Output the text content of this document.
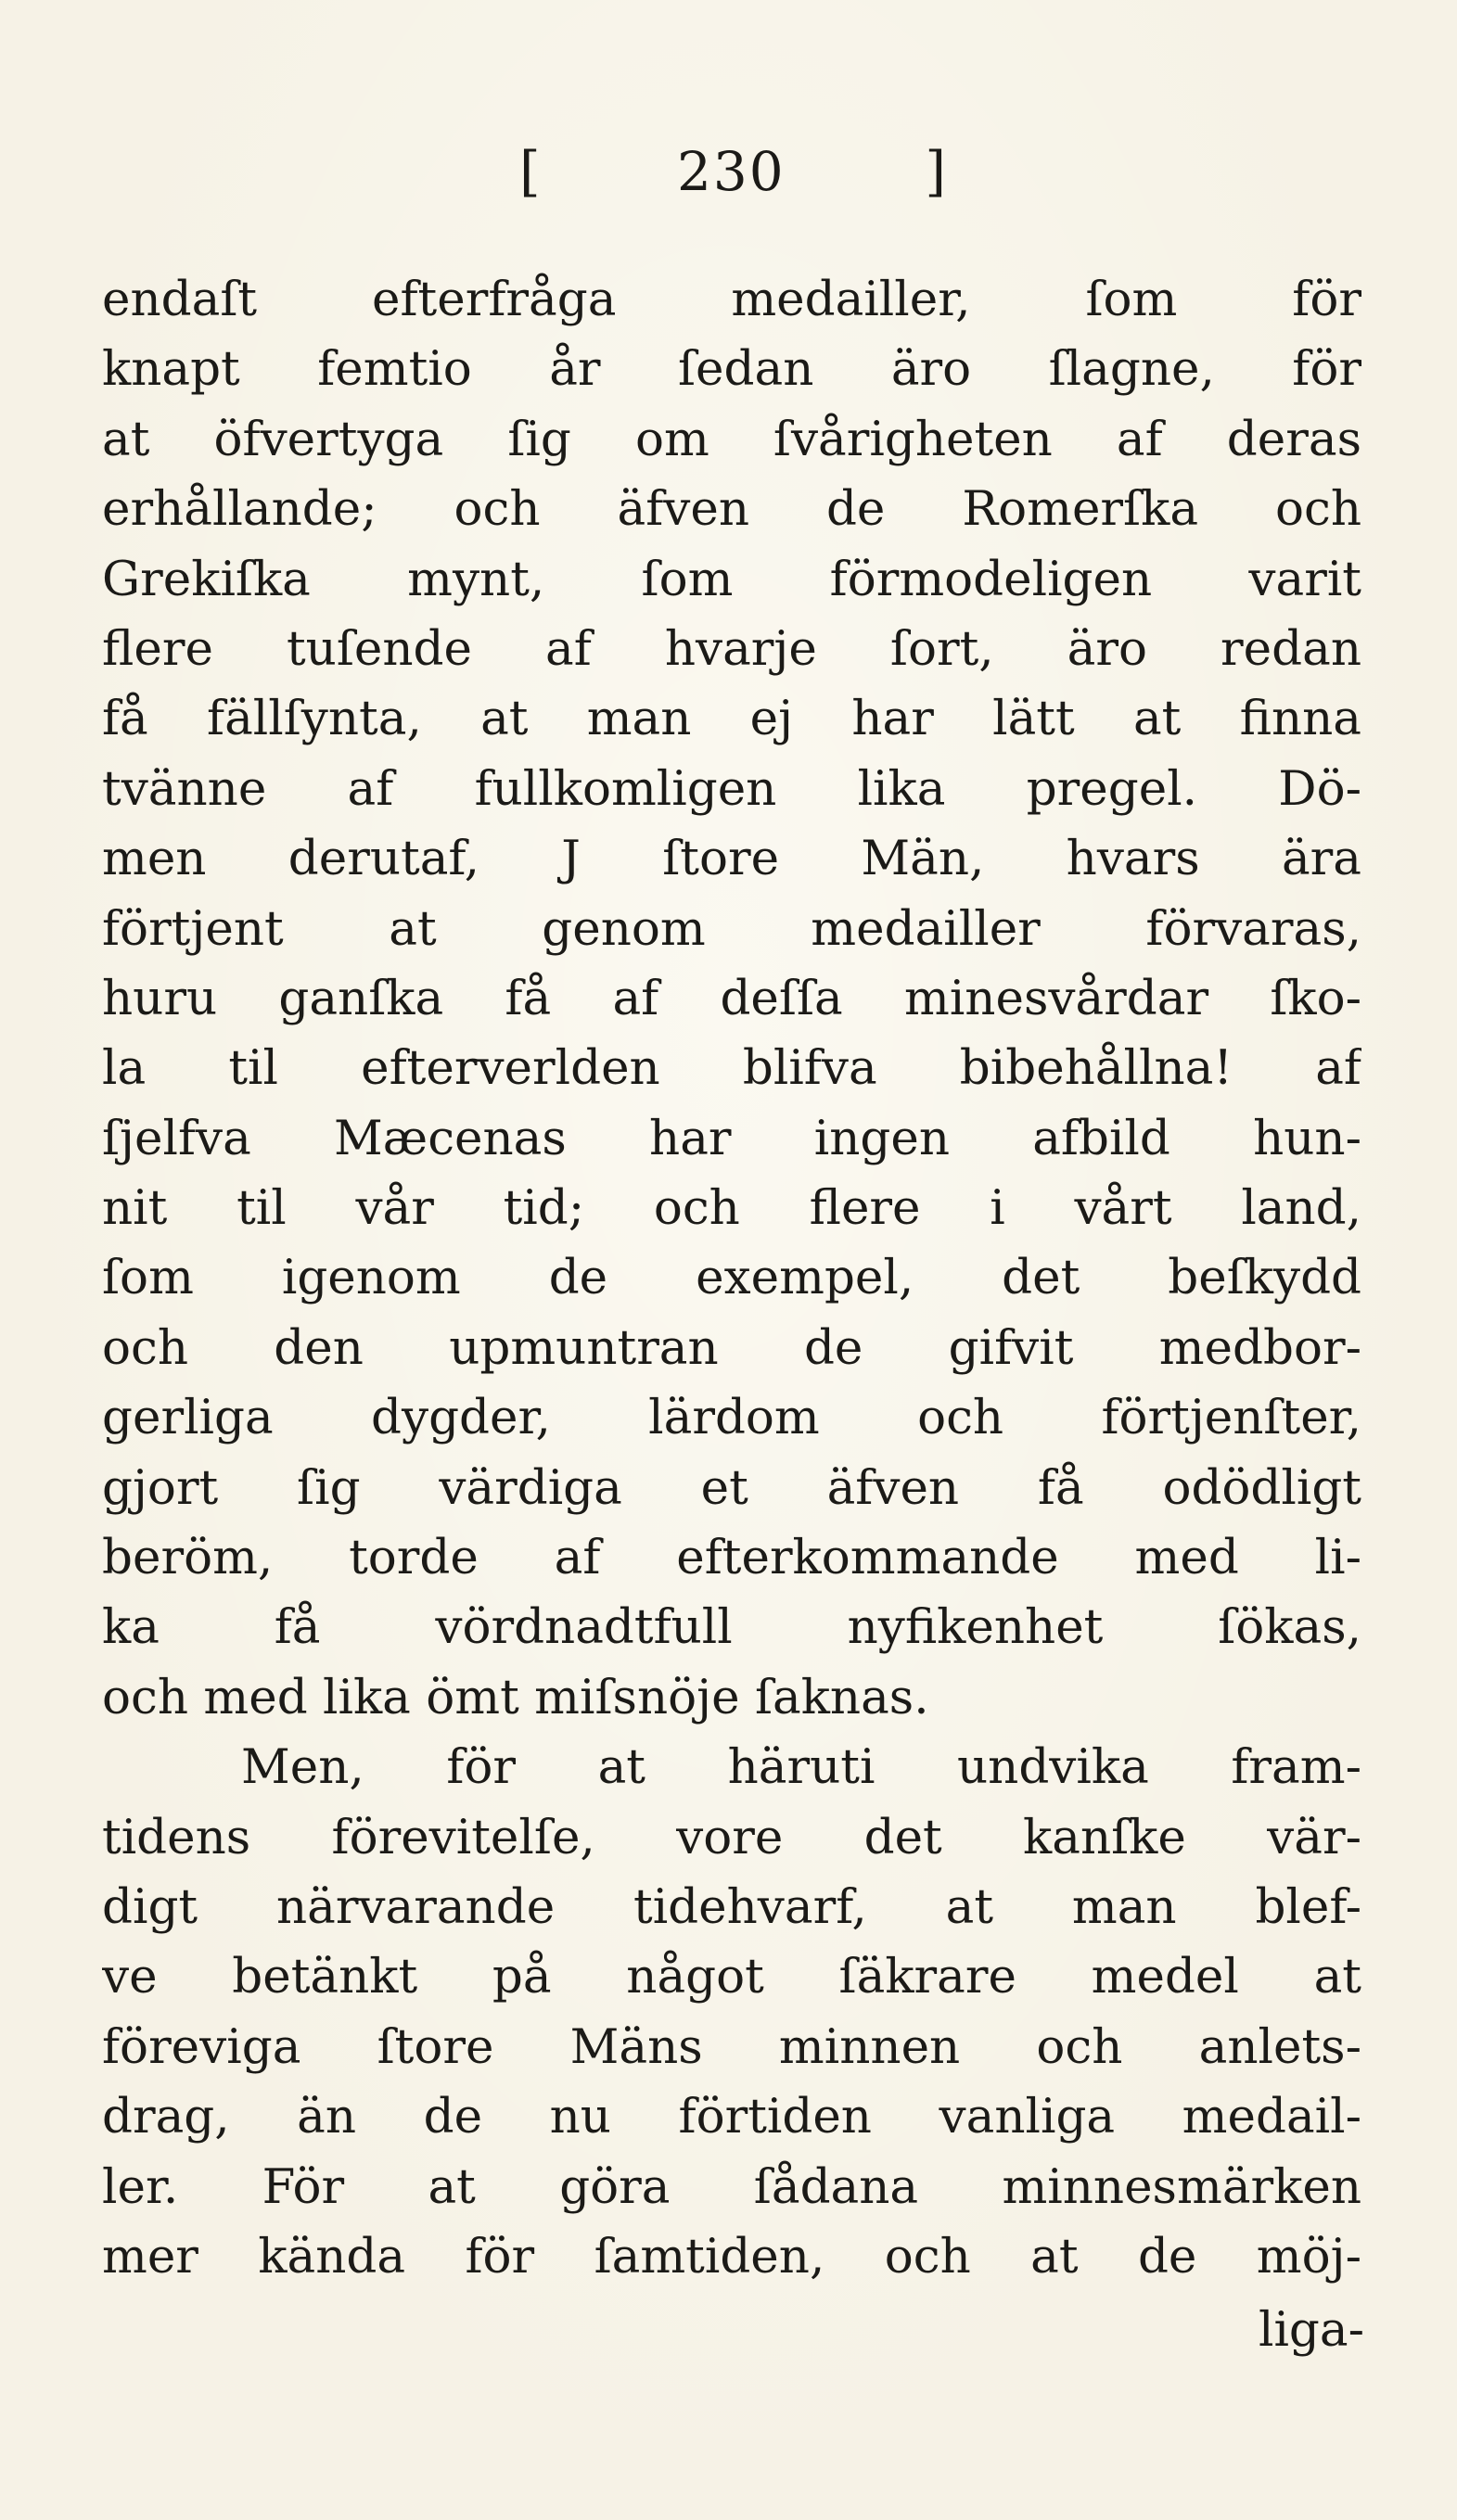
[	230	]
endaſt efterfråga medailler, ſom för
knapt femtio år ſedan äro ſlagne, för
at öfvertyga ſig om ſvårigheten af deras
erhållande; och äfven de Romerſka och
Grekiſka mynt, ſom förmodeligen varit
flere tuſende af hvarje ſort, äro redan
få fällſynta, at man ej har lätt at finna
tvänne af fullkomligen lika pregel. Dö-
men derutaf, J ſtore Män, hvars ära
förtjent at genom medailler förvaras,
huru ganſka få af deſſa minesvårdar ſko-
la til efterverlden blifva bibehållna! af
ſjelfva Mæcenas har ingen afbild hun-
nit til vår tid; och flere i vårt land,
ſom igenom de exempel, det beſkydd
och den upmuntran de gifvit medbor-
gerliga dygder, lärdom och förtjenſter,
gjort ſig värdiga et äfven få odödligt
beröm, torde af efterkommande med li-
ka få vördnadtfull nyfikenhet ſökas,
och med lika ömt miſsnöje ſaknas.
Men, för at häruti undvika fram-
tidens förevitelſe, vore det kanſke vär-
digt närvarande tidehvarf, at man blef-
ve betänkt på något ſäkrare medel at
föreviga ſtore Mäns minnen och anlets-
drag, än de nu förtiden vanliga medail-
ler. För at göra ſådana minnesmärken
mer kända för ſamtiden, och at de möj-
liga-
